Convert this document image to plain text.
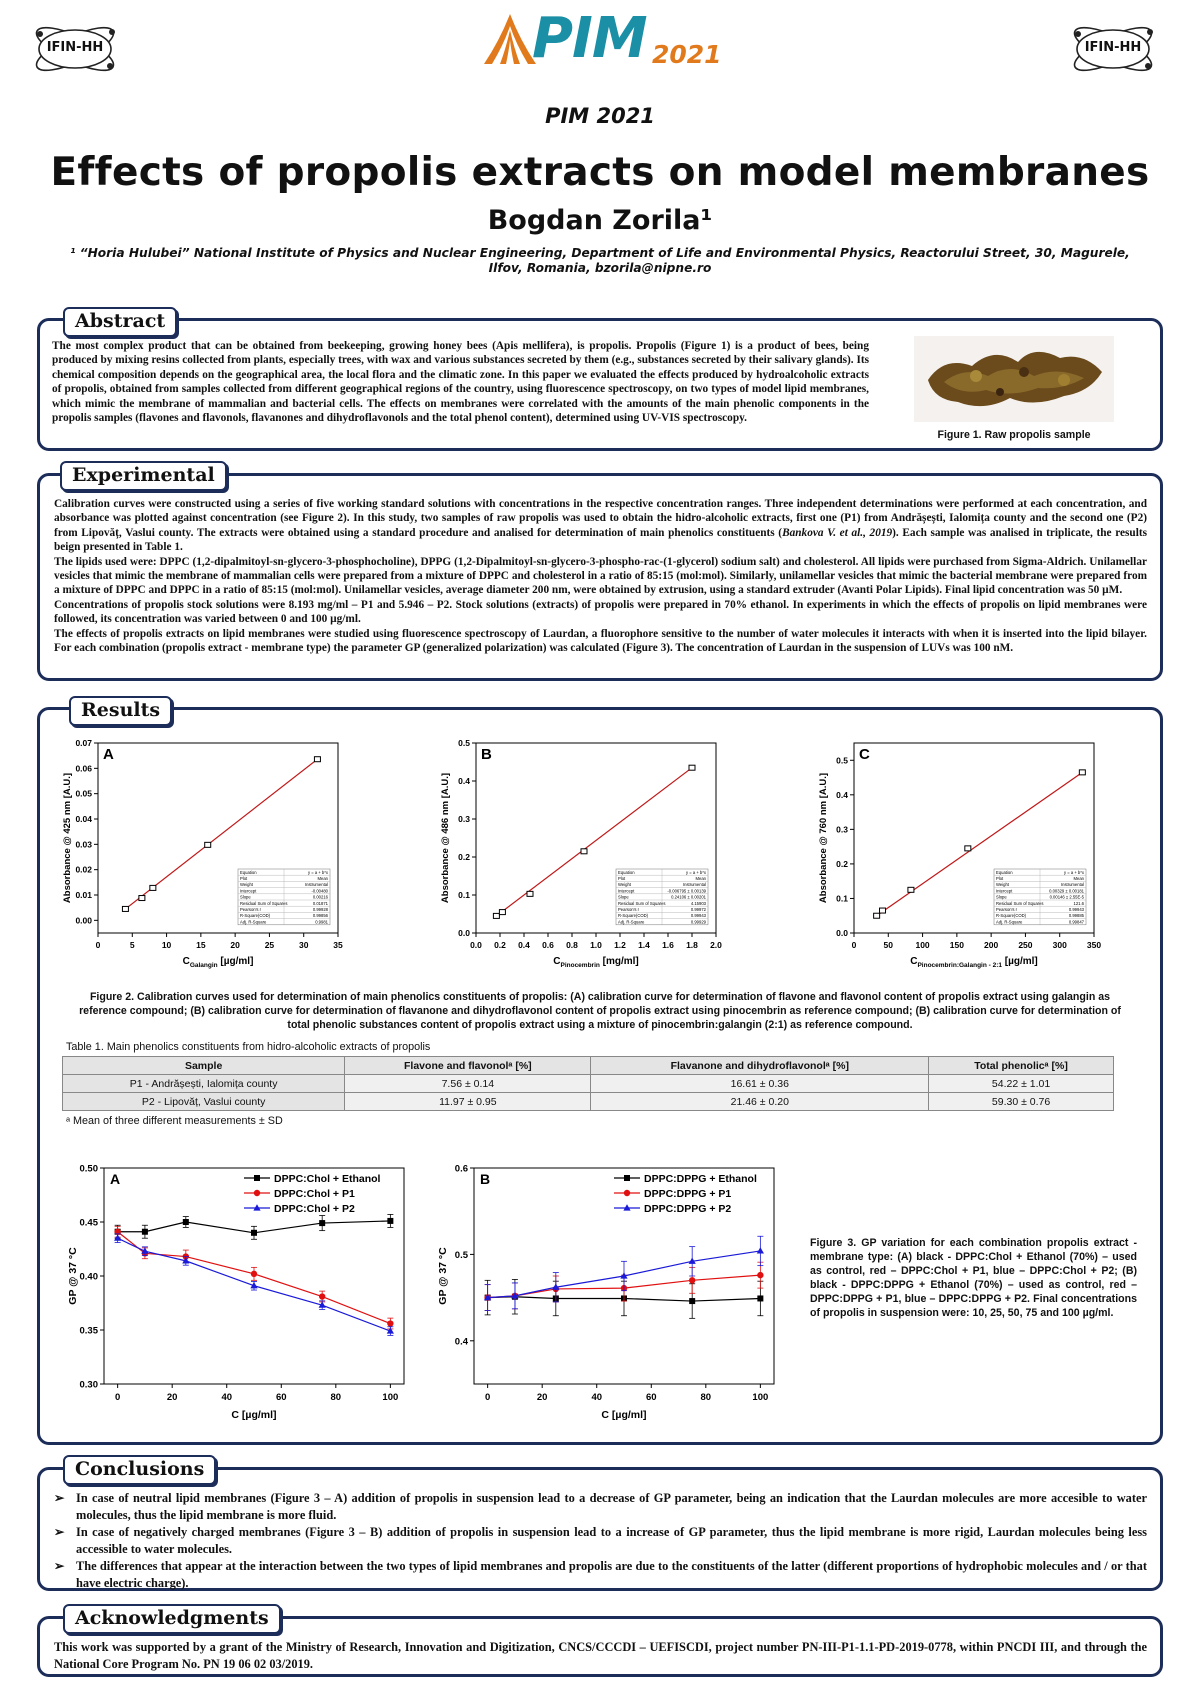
IFIN-HH	PIM 2021	IFIN-HH
PIM 2021
Effects of propolis extracts on model membranes
Bogdan Zorila¹
¹ “Horia Hulubei” National Institute of Physics and Nuclear Engineering, Department of Life and Environmental Physics, Reactorului Street, 30, Magurele, Ilfov, Romania, bzorila@nipne.ro
The most complex product that can be obtained from beekeeping, growing honey bees (Apis mellifera), is propolis. Propolis (Figure 1) is a product of bees, being produced by mixing resins collected from plants, especially trees, with wax and various substances secreted by them (e.g., substances secreted by their salivary glands). Its chemical composition depends on the geographical area, the local flora and the climatic zone. In this paper we evaluated the effects produced by hydroalcoholic extracts of propolis, obtained from samples collected from different geographical regions of the country, using fluorescence spectroscopy, on two types of model lipid membranes, which mimic the membrane of mammalian and bacterial cells. The effects on membranes were correlated with the amounts of the main phenolic components in the propolis samples (flavones and flavonols, flavanones and dihydroflavonols and the total phenol content), determined using UV-VIS spectroscopy.
Figure 1. Raw propolis sample
Abstract
Calibration curves were constructed using a series of five working standard solutions with concentrations in the respective concentration ranges. Three independent determinations were performed at each concentration, and absorbance was plotted against concentration (see Figure 2). In this study, two samples of raw propolis was used to obtain the hidro-alcoholic extracts, first one (P1) from Andrășești, Ialomița county and the second one (P2) from Lipovăț, Vaslui county. The extracts were obtained using a standard procedure and analised for determination of main phenolics constituents (Bankova V. et al., 2019). Each sample was analised in triplicate, the results beign presented in Table 1.
The lipids used were: DPPC (1,2-dipalmitoyl-sn-glycero-3-phosphocholine), DPPG (1,2-Dipalmitoyl-sn-glycero-3-phospho-rac-(1-glycerol) sodium salt) and cholesterol. All lipids were purchased from Sigma-Aldrich. Unilamellar vesicles that mimic the membrane of mammalian cells were prepared from a mixture of DPPC and cholesterol in a ratio of 85:15 (mol:mol). Similarly, unilamellar vesicles that mimic the bacterial membrane were prepared from a mixture of DPPC and DPPC in a ratio of 85:15 (mol:mol). Unilamellar vesicles, average diameter 200 nm, were obtained by extrusion, using a standard extruder (Avanti Polar Lipids). Final lipid concentration was 50 µM.
Concentrations of propolis stock solutions were 8.193 mg/ml – P1 and 5.946 – P2. Stock solutions (extracts) of propolis were prepared in 70% ethanol. In experiments in which the effects of propolis on lipid membranes were followed, its concentration was varied between 0 and 100 µg/ml.
The effects of propolis extracts on lipid membranes were studied using fluorescence spectroscopy of Laurdan, a fluorophore sensitive to the number of water molecules it interacts with when it is inserted into the lipid bilayer. For each combination (propolis extract - membrane type) the parameter GP (generalized polarization) was calculated (Figure 3). The concentration of Laurdan in the suspension of LUVs was 100 nM.
Experimental
Results
0	5	10	15	20	25	30	35
0.00
0.01
0.02
0.03
0.04
0.05
0.06
0.07
A
Absorbance @ 425 nm [A.U.]
$C_{Galangin}$ [µg/ml]
Equation	y = a + b*x
Plot	Mean
Weight	Instrumental
Intercept	-0.00480
Slope	0.00216
Residual Sum of Squares	0.01871
Pearson's r	0.99928
R-Square(COD)	0.99856
Adj. R-Square	0.9981
0.0 0.2 0.4 0.6 0.8 1.0 1.2 1.4 1.6 1.8 2.0
0.0
0.1
0.2
0.3
0.4
0.5
B
Absorbance @ 486 nm [A.U.]
$C_{Pinocembrin}$ [mg/ml]
Equation	y = a + b*x
Plot	Mean
Weight	Instrumental
Intercept	-0.006795 ± 0.00139
Slope	0.24106 ± 0.00201
Residual Sum of Squares	4.15903
Pearson's r	0.99972
R-Square(COD)	0.99943
Adj. R-Square	0.99929
0	50	100 150 200 250 300 350
0.0
0.1
0.2
0.3
0.4
0.5 C
Absorbance @ 760 nm [A.U.]
$C_{Pinocembrin:Galangin - 2:1}$ [µg/ml]
Equation	y = a + b*x
Plot	Mean
Weight	Instrumental
Intercept	0.00329 ± 0.00181
Slope	0.00146 ± 2.55E-5
Residual Sum of Squares	121.6
Pearson's r	0.99943
R-Square(COD)	0.99885
Adj. R-Square	0.99847
Figure 2. Calibration curves used for determination of main phenolics constituents of propolis: (A) calibration curve for determination of flavone and flavonol content of propolis extract using galangin as reference compound; (B) calibration curve for determination of flavanone and dihydroflavonol content of propolis extract using pinocembrin as reference compound; (B) calibration curve for determination of total phenolic substances content of propolis extract using a mixture of pinocembrin:galangin (2:1) as reference compound.
Table 1. Main phenolics constituents from hidro-alcoholic extracts of propolis
Sample	Flavone and flavonolᵃ [%]	Flavanone and dihydroflavonolᵃ [%]	Total phenolicᵃ [%]
P1 - Andrășești, Ialomița county	7.56 ± 0.14	16.61 ± 0.36	54.22 ± 1.01
P2 - Lipovăț, Vaslui county	11.97 ± 0.95	21.46 ± 0.20	59.30 ± 0.76
ᵃ Mean of three different measurements ± SD
0	20	40	60	80	100
0.30
0.35
0.40
0.45
0.50
DPPC:Chol + Ethanol
DPPC:Chol + P1
DPPC:Chol + P2
A
GP @ 37 °C
C [µg/ml]
0	20	40	60	80	100
0.4
0.5
0.6
DPPC:DPPG + Ethanol
DPPC:DPPG + P1
DPPC:DPPG + P2
B
GP @ 37 °C
C [µg/ml]
Figure 3. GP variation for each combination propolis extract - membrane type: (A) black - DPPC:Chol + Ethanol (70%) – used as control, red – DPPC:Chol + P1, blue – DPPC:Chol + P2; (B) black - DPPC:DPPG + Ethanol (70%) – used as control, red – DPPC:DPPG + P1, blue – DPPC:DPPG + P2. Final concentrations of propolis in suspension were: 10, 25, 50, 75 and 100 µg/ml.
➢ In case of neutral lipid membranes (Figure 3 – A) addition of propolis in suspension lead to a decrease of GP parameter, being an indication that the Laurdan molecules are more accesible to water molecules, thus the lipid membrane is more fluid.
➢ In case of negatively charged membranes (Figure 3 – B) addition of propolis in suspension lead to a increase of GP parameter, thus the lipid membrane is more rigid, Laurdan molecules being less accessible to water molecules.
➢ The differences that appear at the interaction between the two types of lipid membranes and propolis are due to the constituents of the latter (different proportions of hydrophobic molecules and / or that have electric charge).
Conclusions
This work was supported by a grant of the Ministry of Research, Innovation and Digitization, CNCS/CCCDI – UEFISCDI, project number PN-III-P1-1.1-PD-2019-0778, within PNCDI III, and through the National Core Program No. PN 19 06 02 03/2019.
Acknowledgments
